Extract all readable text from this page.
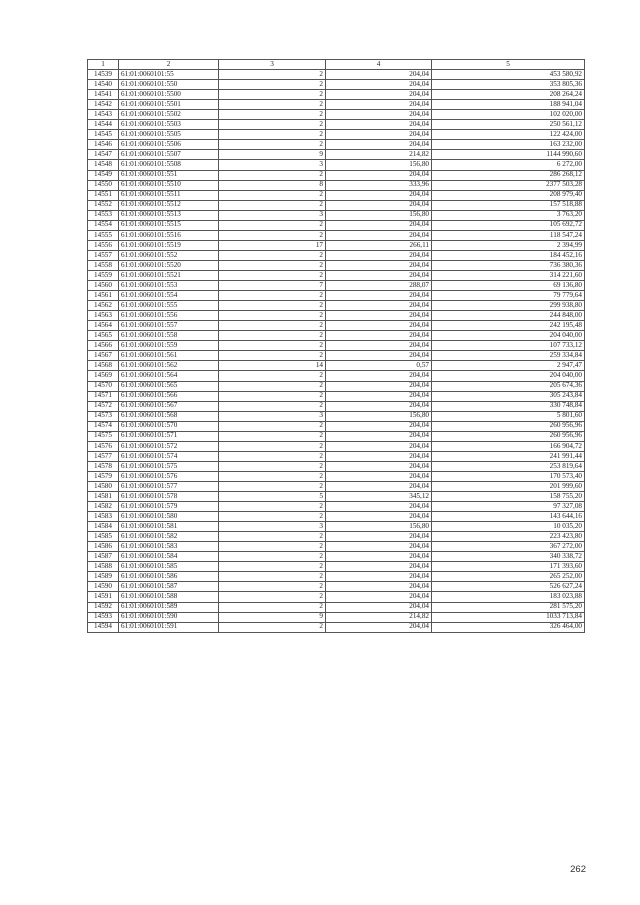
1	2	3	4	5
14539	61:01:0060101:55	2	204,04	453 580,92
14540	61:01:0060101:550	2	204,04	353 805,36
14541	61:01:0060101:5500	2	204,04	208 264,24
14542	61:01:0060101:5501	2	204,04	188 941,04
14543	61:01:0060101:5502	2	204,04	102 020,00
14544	61:01:0060101:5503	2	204,04	250 561,12
14545	61:01:0060101:5505	2	204,04	122 424,00
14546	61:01:0060101:5506	2	204,04	163 232,00
14547	61:01:0060101:5507	9	214,82	1144 990,60
14548	61:01:0060101:5508	3	156,80	6 272,00
14549	61:01:0060101:551	2	204,04	286 268,12
14550	61:01:0060101:5510	8	333,96	2377 503,28
14551	61:01:0060101:5511	2	204,04	208 979,40
14552	61:01:0060101:5512	2	204,04	157 518,88
14553	61:01:0060101:5513	3	156,80	3 763,20
14554	61:01:0060101:5515	2	204,04	105 692,72
14555	61:01:0060101:5516	2	204,04	118 547,24
14556	61:01:0060101:5519	17	266,11	2 394,99
14557	61:01:0060101:552	2	204,04	184 452,16
14558	61:01:0060101:5520	2	204,04	736 380,36
14559	61:01:0060101:5521	2	204,04	314 221,60
14560	61:01:0060101:553	7	288,07	69 136,80
14561	61:01:0060101:554	2	204,04	79 779,64
14562	61:01:0060101:555	2	204,04	299 938,80
14563	61:01:0060101:556	2	204,04	244 848,00
14564	61:01:0060101:557	2	204,04	242 195,48
14565	61:01:0060101:558	2	204,04	204 040,00
14566	61:01:0060101:559	2	204,04	107 733,12
14567	61:01:0060101:561	2	204,04	259 334,84
14568	61:01:0060101:562	14	0,57	2 947,47
14569	61:01:0060101:564	2	204,04	204 040,00
14570	61:01:0060101:565	2	204,04	205 674,36
14571	61:01:0060101:566	2	204,04	305 243,84
14572	61:01:0060101:567	2	204,04	330 748,84
14573	61:01:0060101:568	3	156,80	5 801,60
14574	61:01:0060101:570	2	204,04	260 956,96
14575	61:01:0060101:571	2	204,04	260 956,96
14576	61:01:0060101:572	2	204,04	166 904,72
14577	61:01:0060101:574	2	204,04	241 991,44
14578	61:01:0060101:575	2	204,04	253 819,64
14579	61:01:0060101:576	2	204,04	170 573,40
14580	61:01:0060101:577	2	204,04	201 999,60
14581	61:01:0060101:578	5	345,12	158 755,20
14582	61:01:0060101:579	2	204,04	97 327,08
14583	61:01:0060101:580	2	204,04	143 644,16
14584	61:01:0060101:581	3	156,80	10 035,20
14585	61:01:0060101:582	2	204,04	223 423,80
14586	61:01:0060101:583	2	204,04	367 272,00
14587	61:01:0060101:584	2	204,04	340 338,72
14588	61:01:0060101:585	2	204,04	171 393,60
14589	61:01:0060101:586	2	204,04	265 252,00
14590	61:01:0060101:587	2	204,04	526 627,24
14591	61:01:0060101:588	2	204,04	183 023,88
14592	61:01:0060101:589	2	204,04	281 575,20
14593	61:01:0060101:590	9	214,82	1033 713,84
14594	61:01:0060101:591	2	204,04	326 464,00
262
